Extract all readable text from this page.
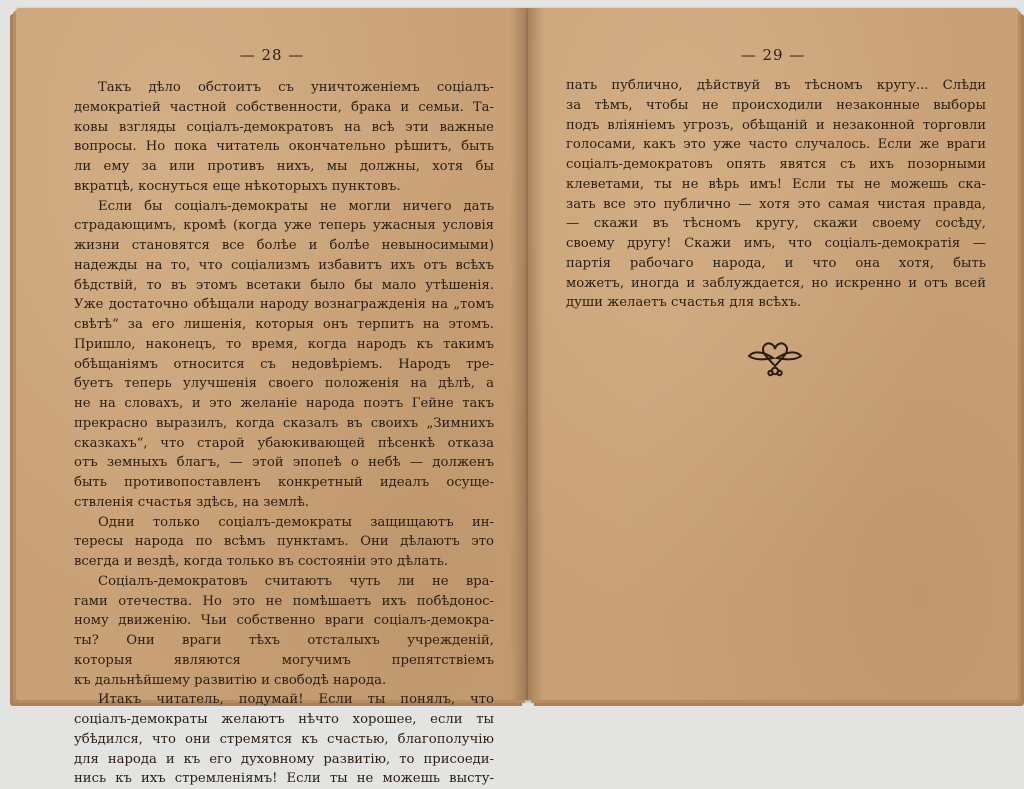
— 28 —
Такъ дѣло обстоитъ съ уничтоженіемъ соціалъ-
демократіей частной собственности, брака и семьи. Та-
ковы взгляды соціалъ-демократовъ на всѣ эти важные
вопросы. Но пока читатель окончательно рѣшитъ, быть
ли ему за или противъ нихъ, мы должны, хотя бы
вкратцѣ, коснуться еще нѣкоторыхъ пунктовъ.
Если бы соціалъ-демократы не могли ничего дать
страдающимъ, кромѣ (когда уже теперь ужасныя условія
жизни становятся все болѣе и болѣе невыносимыми)
надежды на то, что соціализмъ избавитъ ихъ отъ всѣхъ
бѣдствій, то въ этомъ всетаки было бы мало утѣшенія.
Уже достаточно обѣщали народу вознагражденія на „томъ
свѣтѣ“ за его лишенія, которыя онъ терпитъ на этомъ.
Пришло, наконецъ, то время, когда народъ къ такимъ
обѣщаніямъ относится съ недовѣріемъ. Народъ тре-
буетъ теперь улучшенія своего положенія на дѣлѣ, а
не на словахъ, и это желаніе народа поэтъ Гейне такъ
прекрасно выразилъ, когда сказалъ въ своихъ „Зимнихъ
сказкахъ“, что старой убаюкивающей пѣсенкѣ отказа
отъ земныхъ благъ, — этой эпопеѣ о небѣ — долженъ
быть противопоставленъ конкретный идеалъ осуще-
ствленія счастья здѣсь, на землѣ.
Одни только соціалъ-демократы защищаютъ ин-
тересы народа по всѣмъ пунктамъ. Они дѣлаютъ это
всегда и вездѣ, когда только въ состояніи это дѣлать.
Соціалъ-демократовъ считаютъ чуть ли не вра-
гами отечества. Но это не помѣшаетъ ихъ побѣдонос-
ному движенію. Чьи собственно враги соціалъ-демокра-
ты? Они враги тѣхъ отсталыхъ учрежденій,
которыя являются могучимъ препятствіемъ
къ дальнѣйшему развитію и свободѣ народа.
Итакъ читатель, подумай! Если ты понялъ, что
соціалъ-демократы желаютъ нѣчто хорошее, если ты
убѣдился, что они стремятся къ счастью, благополучію
для народа и къ его духовному развитію, то присоеди-
нись къ ихъ стремленіямъ! Если ты не можешь высту-
— 29 —
пать публично, дѣйствуй въ тѣсномъ кругу... Слѣди
за тѣмъ, чтобы не происходили незаконные выборы
подъ вліяніемъ угрозъ, обѣщаній и незаконной торговли
голосами, какъ это уже часто случалось. Если же враги
соціалъ-демократовъ опять явятся съ ихъ позорными
клеветами, ты не вѣрь имъ! Если ты не можешь ска-
зать все это публично — хотя это самая чистая правда,
— скажи въ тѣсномъ кругу, скажи своему сосѣду,
своему другу! Скажи имъ, что соціалъ-демократія —
партія рабочаго народа, и что она хотя, быть
можетъ, иногда и заблуждается, но искренно и отъ всей
души желаетъ счастья для всѣхъ.
